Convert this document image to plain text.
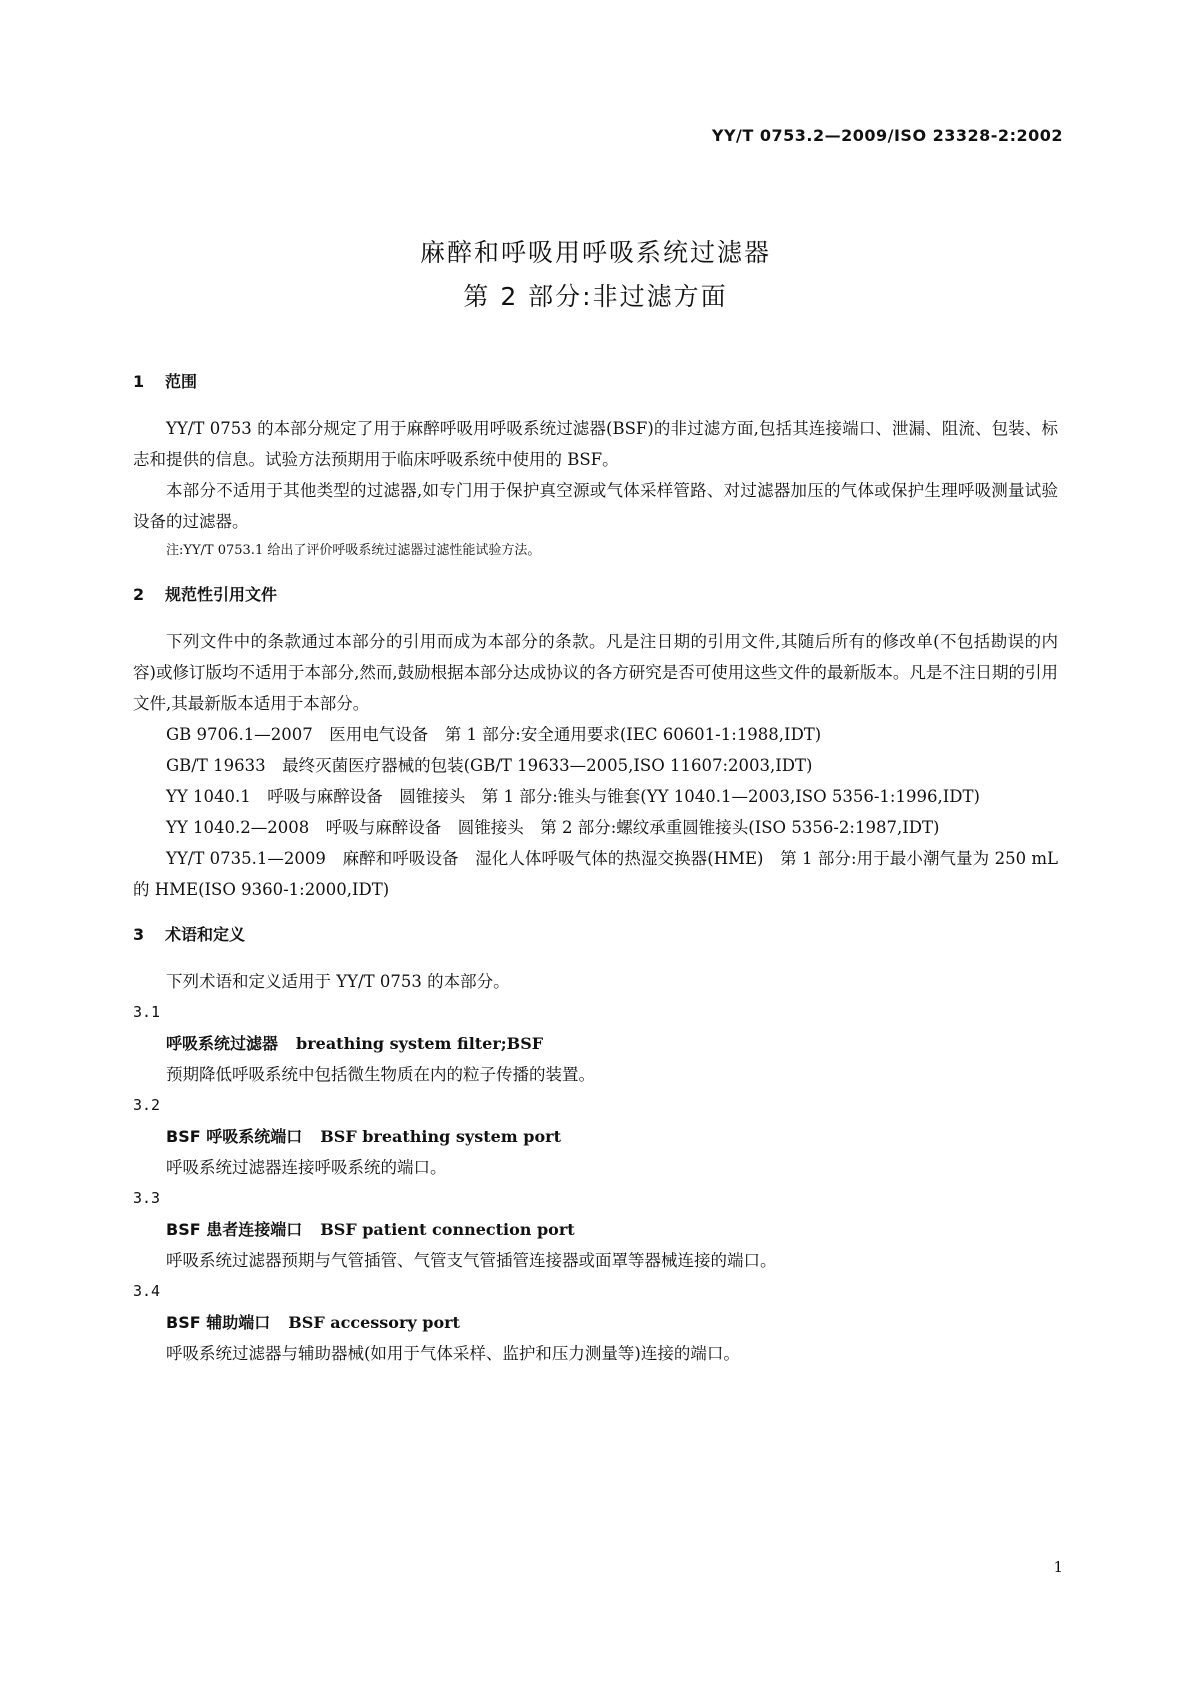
YY/T 0753.2—2009/ISO 23328-2:2002
麻醉和呼吸用呼吸系统过滤器
第 2 部分:非过滤方面
1 范围

YY/T 0753 的本部分规定了用于麻醉呼吸用呼吸系统过滤器(BSF)的非过滤方面,包括其连接端口、泄漏、阻流、包装、标志和提供的信息。试验方法预期用于临床呼吸系统中使用的 BSF。

本部分不适用于其他类型的过滤器,如专门用于保护真空源或气体采样管路、对过滤器加压的气体或保护生理呼吸测量试验设备的过滤器。

注:YY/T 0753.1 给出了评价呼吸系统过滤器过滤性能试验方法。

2 规范性引用文件

下列文件中的条款通过本部分的引用而成为本部分的条款。凡是注日期的引用文件,其随后所有的修改单(不包括勘误的内容)或修订版均不适用于本部分,然而,鼓励根据本部分达成协议的各方研究是否可使用这些文件的最新版本。凡是不注日期的引用文件,其最新版本适用于本部分。

GB 9706.1—2007　医用电气设备　第 1 部分:安全通用要求(IEC 60601-1:1988,IDT)

GB/T 19633　最终灭菌医疗器械的包装(GB/T 19633—2005,ISO 11607:2003,IDT)

YY 1040.1　呼吸与麻醉设备　圆锥接头　第 1 部分:锥头与锥套(YY 1040.1—2003,ISO 5356-1:1996,IDT)

YY 1040.2—2008　呼吸与麻醉设备　圆锥接头　第 2 部分:螺纹承重圆锥接头(ISO 5356-2:1987,IDT)

YY/T 0735.1—2009　麻醉和呼吸设备　湿化人体呼吸气体的热湿交换器(HME)　第 1 部分:用于最小潮气量为 250 mL 的 HME(ISO 9360-1:2000,IDT)

3 术语和定义

下列术语和定义适用于 YY/T 0753 的本部分。

3.1
呼吸系统过滤器 breathing system filter;BSF
预期降低呼吸系统中包括微生物质在内的粒子传播的装置。
3.2
BSF 呼吸系统端口 BSF breathing system port
呼吸系统过滤器连接呼吸系统的端口。
3.3
BSF 患者连接端口 BSF patient connection port
呼吸系统过滤器预期与气管插管、气管支气管插管连接器或面罩等器械连接的端口。
3.4
BSF 辅助端口 BSF accessory port
呼吸系统过滤器与辅助器械(如用于气体采样、监护和压力测量等)连接的端口。
1
